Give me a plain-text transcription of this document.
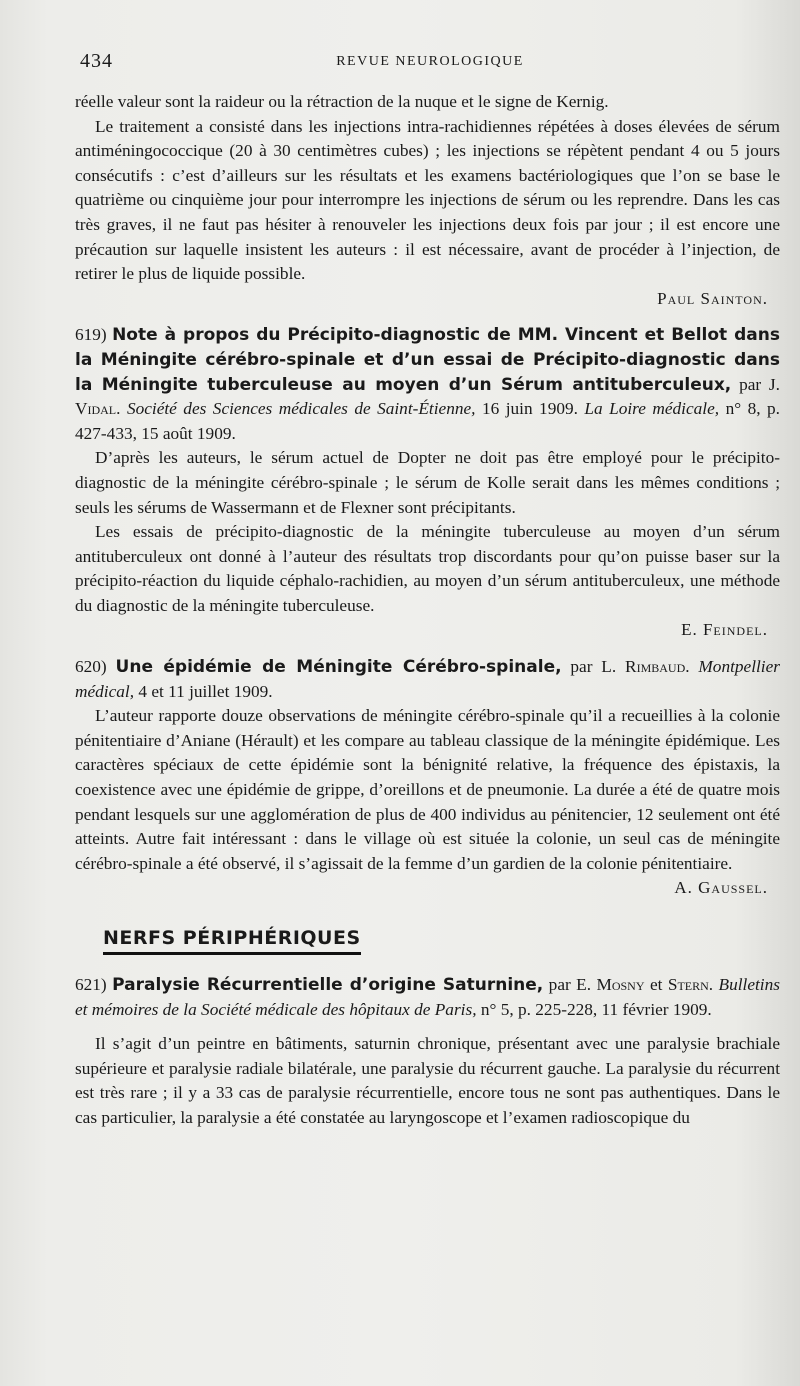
434	REVUE NEUROLOGIQUE

réelle valeur sont la raideur ou la rétraction de la nuque et le signe de Kernig.

Le traitement a consisté dans les injections intra-rachidiennes répétées à doses élevées de sérum antiméningococcique (20 à 30 centimètres cubes) ; les injections se répètent pendant 4 ou 5 jours consécutifs : c’est d’ailleurs sur les résultats et les examens bactériologiques que l’on se base le quatrième ou cinquième jour pour interrompre les injections de sérum ou les reprendre. Dans les cas très graves, il ne faut pas hésiter à renouveler les injections deux fois par jour ; il est encore une précaution sur laquelle insistent les auteurs : il est nécessaire, avant de procéder à l’injection, de retirer le plus de liquide possible.

Paul Sainton.

619) Note à propos du Précipito-diagnostic de MM. Vincent et Bellot dans la Méningite cérébro-spinale et d’un essai de Précipito-diagnostic dans la Méningite tuberculeuse au moyen d’un Sérum antituberculeux, par J. Vidal. Société des Sciences médicales de Saint-Étienne, 16 juin 1909. La Loire médicale, n° 8, p. 427-433, 15 août 1909.

D’après les auteurs, le sérum actuel de Dopter ne doit pas être employé pour le précipito-diagnostic de la méningite cérébro-spinale ; le sérum de Kolle serait dans les mêmes conditions ; seuls les sérums de Wassermann et de Flexner sont précipitants.

Les essais de précipito-diagnostic de la méningite tuberculeuse au moyen d’un sérum antituberculeux ont donné à l’auteur des résultats trop discordants pour qu’on puisse baser sur la précipito-réaction du liquide céphalo-rachidien, au moyen d’un sérum antituberculeux, une méthode du diagnostic de la méningite tuberculeuse.

E. Feindel.

620) Une épidémie de Méningite Cérébro-spinale, par L. Rimbaud. Montpellier médical, 4 et 11 juillet 1909.

L’auteur rapporte douze observations de méningite cérébro-spinale qu’il a recueillies à la colonie pénitentiaire d’Aniane (Hérault) et les compare au tableau classique de la méningite épidémique. Les caractères spéciaux de cette épidémie sont la bénignité relative, la fréquence des épistaxis, la coexistence avec une épidémie de grippe, d’oreillons et de pneumonie. La durée a été de quatre mois pendant lesquels sur une agglomération de plus de 400 individus au pénitencier, 12 seulement ont été atteints. Autre fait intéressant : dans le village où est située la colonie, un seul cas de méningite cérébro-spinale a été observé, il s’agissait de la femme d’un gardien de la colonie pénitentiaire.

A. Gaussel.
NERFS PÉRIPHÉRIQUES

621) Paralysie Récurrentielle d’origine Saturnine, par E. Mosny et Stern. Bulletins et mémoires de la Société médicale des hôpitaux de Paris, n° 5, p. 225-228, 11 février 1909.

Il s’agit d’un peintre en bâtiments, saturnin chronique, présentant avec une paralysie brachiale supérieure et paralysie radiale bilatérale, une paralysie du récurrent gauche. La paralysie du récurrent est très rare ; il y a 33 cas de paralysie récurrentielle, encore tous ne sont pas authentiques. Dans le cas particulier, la paralysie a été constatée au laryngoscope et l’examen radioscopique du
